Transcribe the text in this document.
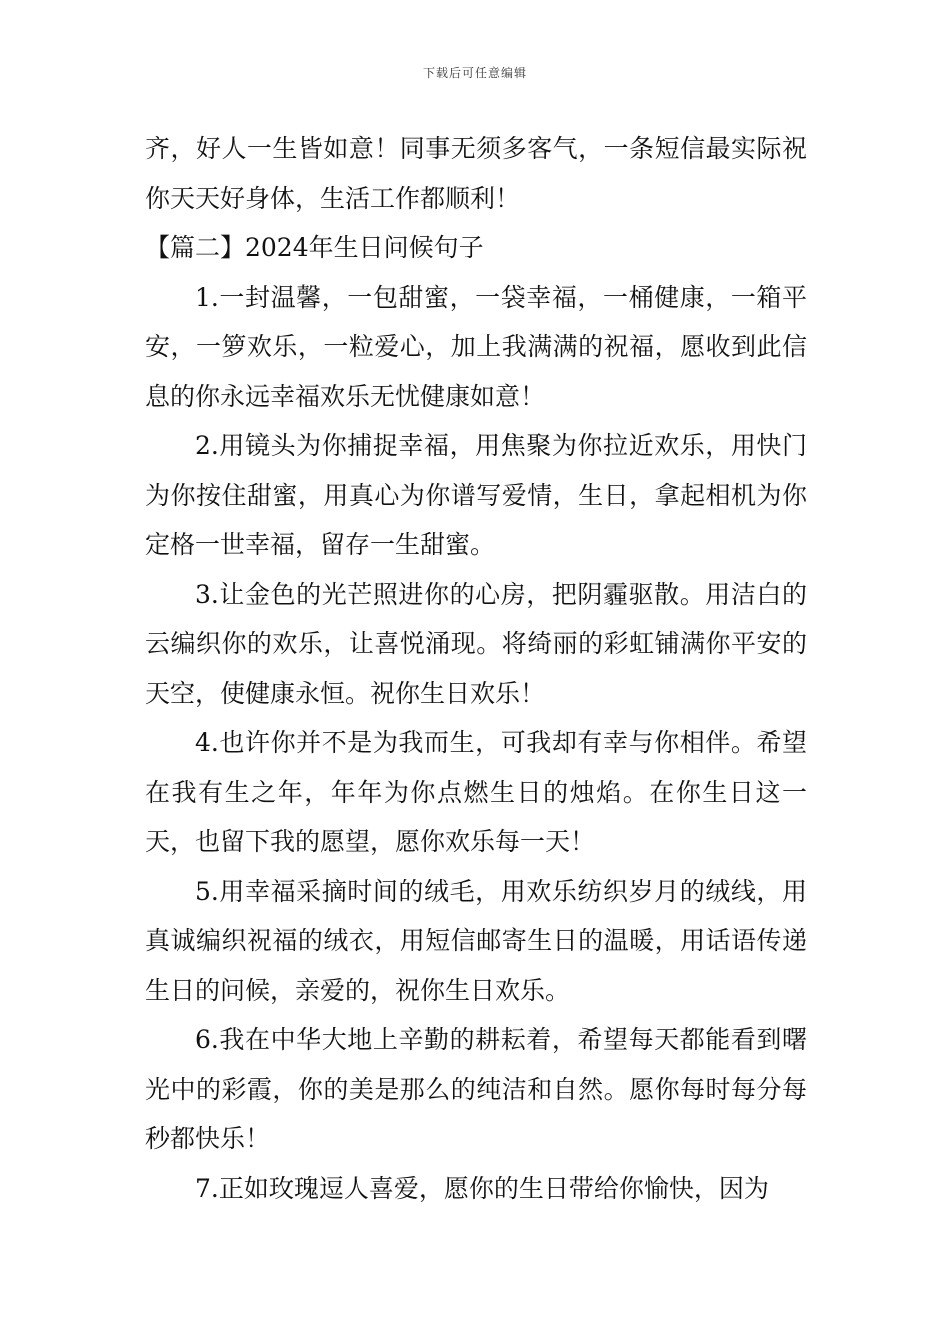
下载后可任意编辑

齐，好人一生皆如意！同事无须多客气，一条短信最实际祝你天天好身体，生活工作都顺利！

【篇二】2024年生日问候句子

1.一封温馨，一包甜蜜，一袋幸福，一桶健康，一箱平安，一箩欢乐，一粒爱心，加上我满满的祝福，愿收到此信息的你永远幸福欢乐无忧健康如意！

2.用镜头为你捕捉幸福，用焦聚为你拉近欢乐，用快门为你按住甜蜜，用真心为你谱写爱情，生日，拿起相机为你定格一世幸福，留存一生甜蜜。

3.让金色的光芒照进你的心房，把阴霾驱散。用洁白的云编织你的欢乐，让喜悦涌现。将绮丽的彩虹铺满你平安的天空，使健康永恒。祝你生日欢乐！

4.也许你并不是为我而生，可我却有幸与你相伴。希望在我有生之年，年年为你点燃生日的烛焰。在你生日这一天，也留下我的愿望，愿你欢乐每一天！

5.用幸福采摘时间的绒毛，用欢乐纺织岁月的绒线，用真诚编织祝福的绒衣，用短信邮寄生日的温暖，用话语传递生日的问候，亲爱的，祝你生日欢乐。

6.我在中华大地上辛勤的耕耘着，希望每天都能看到曙光中的彩霞，你的美是那么的纯洁和自然。愿你每时每分每秒都快乐！

7.正如玫瑰逗人喜爱，愿你的生日带给你愉快，因为
